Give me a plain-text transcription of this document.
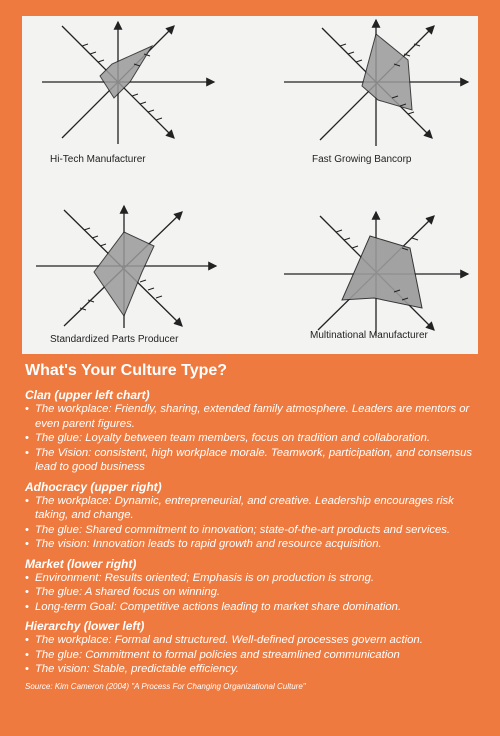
Hi-Tech Manufacturer	Fast Growing Bancorp
Standardized Parts Producer	Multinational Manufacturer
What's Your Culture Type?
Clan (upper left chart)
• The workplace: Friendly, sharing, extended family atmosphere. Leaders are mentors or even parent figures.
• The glue: Loyalty between team members, focus on tradition and collaboration.
• The Vision: consistent, high workplace morale. Teamwork, participation, and consensus lead to good business
Adhocracy (upper right)
• The workplace: Dynamic, entrepreneurial, and creative. Leadership encourages risk taking, and change.
• The glue: Shared commitment to innovation; state-of-the-art products and services.
• The vision: Innovation leads to rapid growth and resource acquisition.
Market (lower right)
• Environment: Results oriented; Emphasis is on production is strong.
• The glue: A shared focus on winning.
• Long-term Goal: Competitive actions leading to market share domination.
Hierarchy (lower left)
• The workplace: Formal and structured. Well-defined processes govern action.
• The glue: Commitment to formal policies and streamlined communication
• The vision: Stable, predictable efficiency.
Source: Kim Cameron (2004) "A Process For Changing Organizational Culture"
